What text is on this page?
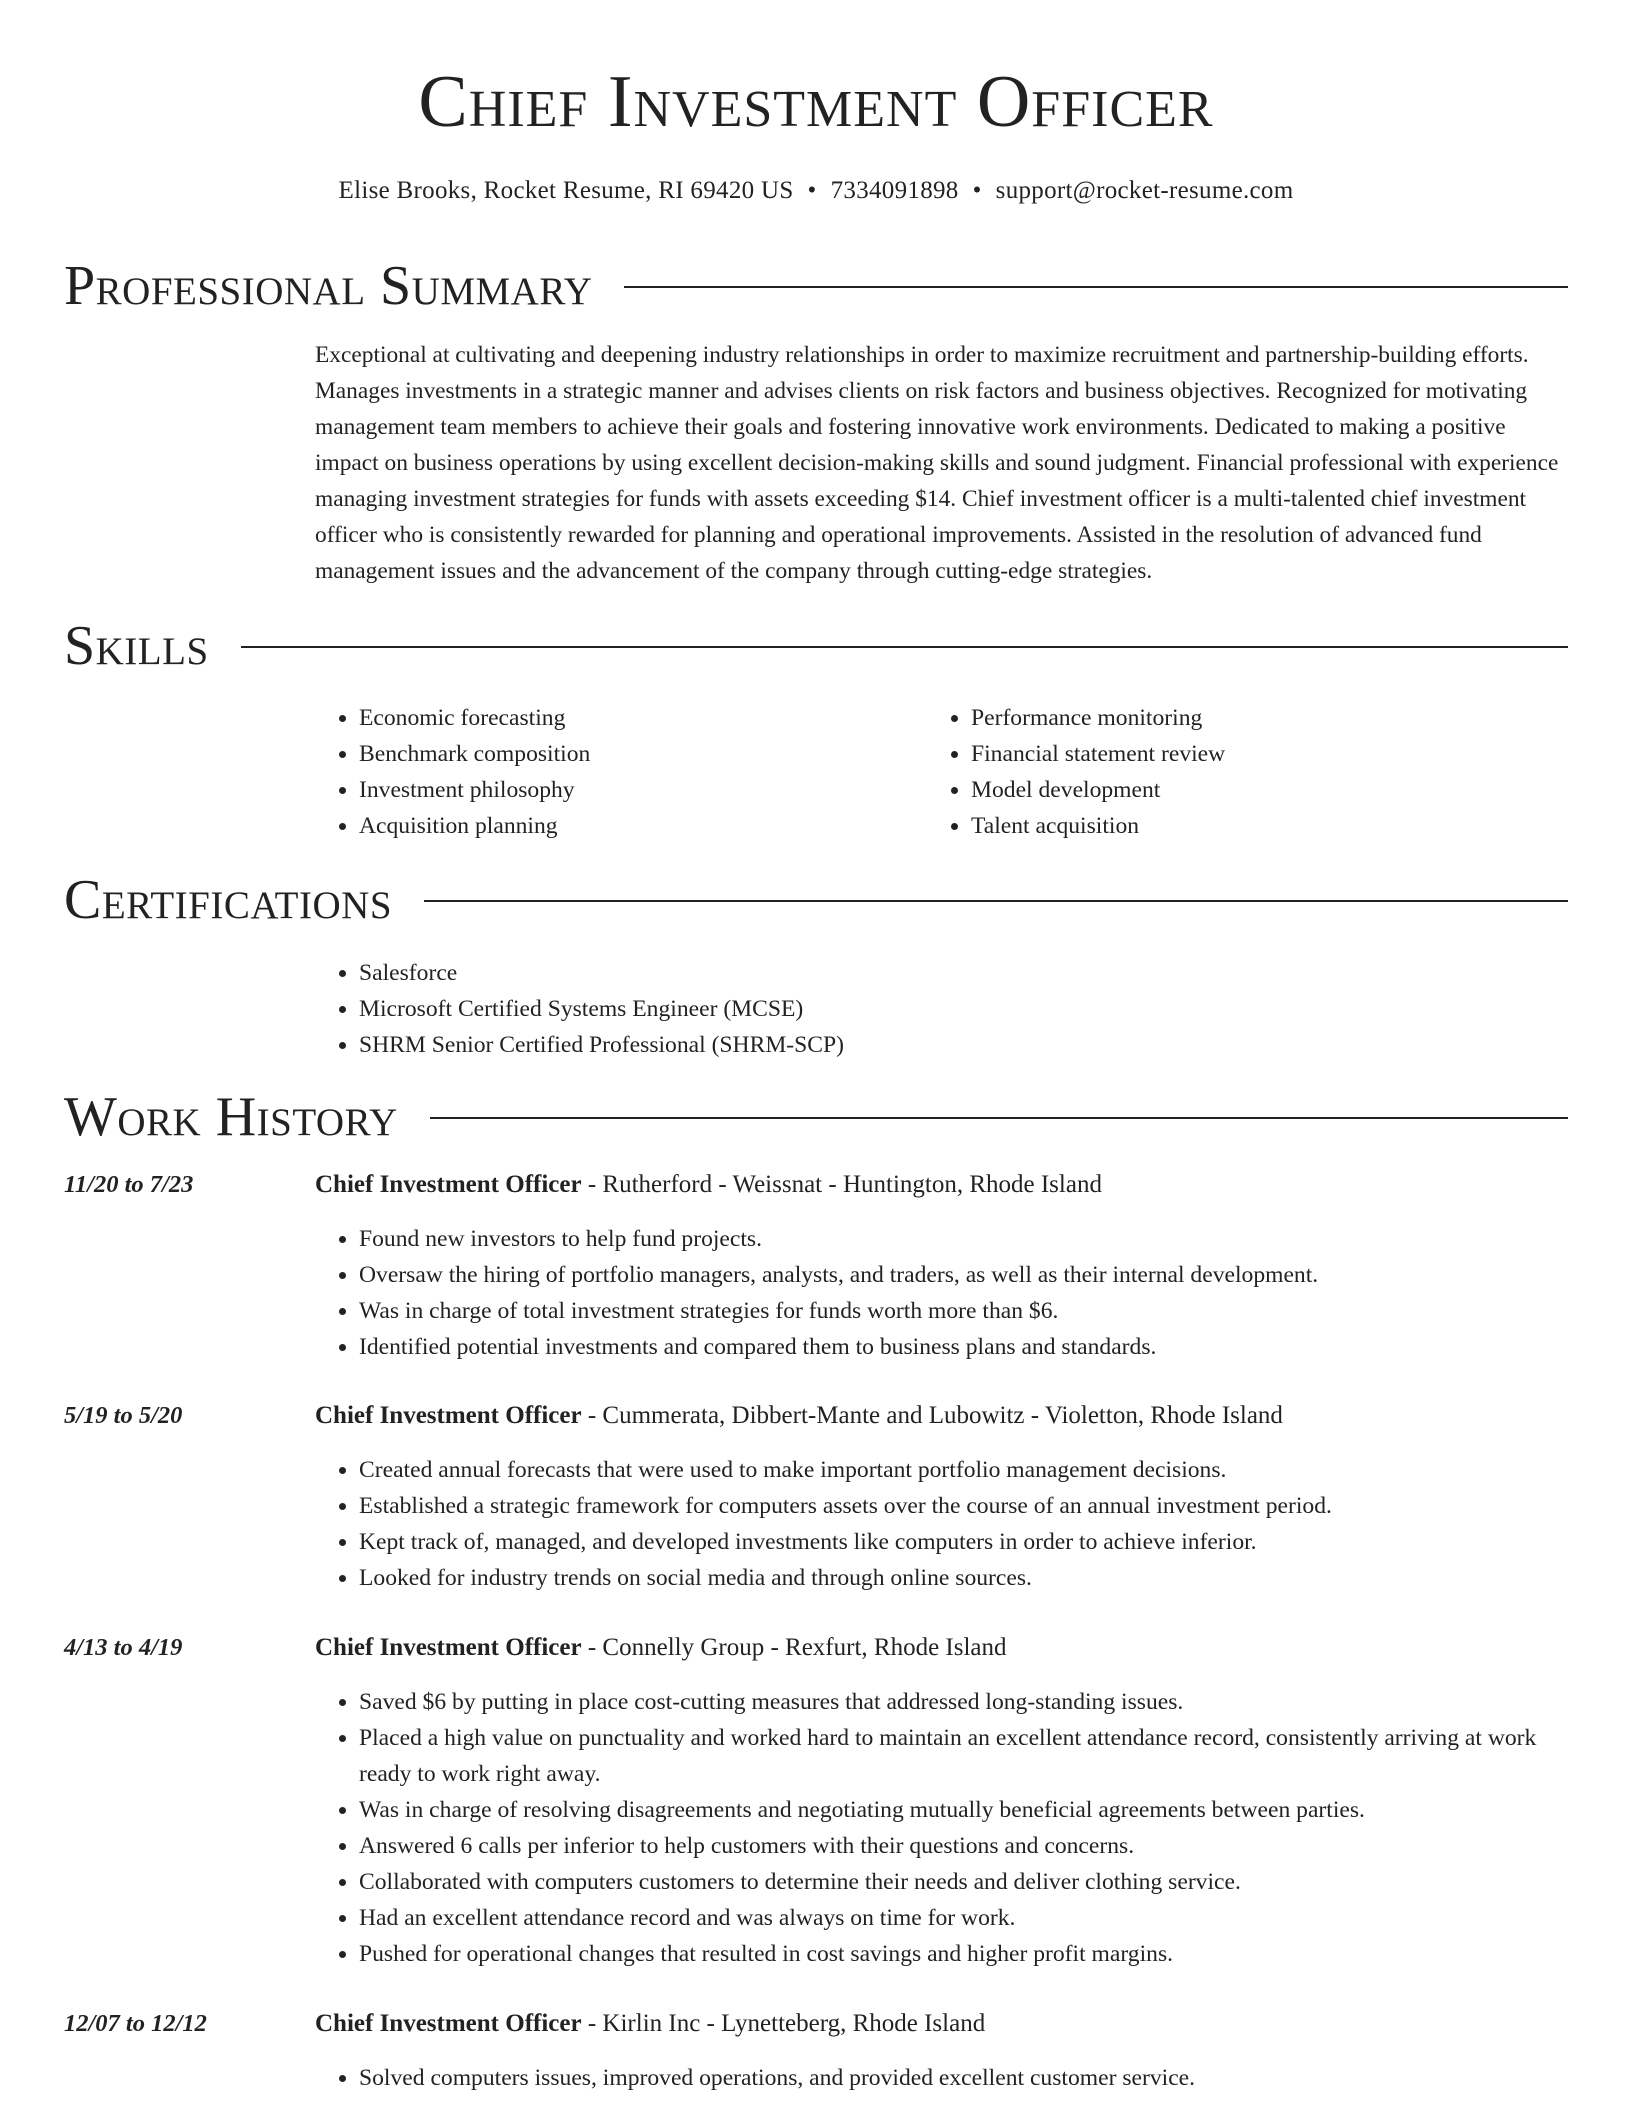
Chief Investment Officer
Elise Brooks, Rocket Resume, RI 69420 US • 7334091898 • support@rocket-resume.com
Professional Summary
Exceptional at cultivating and deepening industry relationships in order to maximize recruitment and partnership-building efforts. Manages investments in a strategic manner and advises clients on risk factors and business objectives. Recognized for motivating management team members to achieve their goals and fostering innovative work environments. Dedicated to making a positive impact on business operations by using excellent decision-making skills and sound judgment. Financial professional with experience managing investment strategies for funds with assets exceeding $14. Chief investment officer is a multi-talented chief investment officer who is consistently rewarded for planning and operational improvements. Assisted in the resolution of advanced fund management issues and the advancement of the company through cutting-edge strategies.
Skills
• Economic forecasting
• Benchmark composition
• Investment philosophy
• Acquisition planning
• Performance monitoring
• Financial statement review
• Model development
• Talent acquisition
Certifications
• Salesforce
• Microsoft Certified Systems Engineer (MCSE)
• SHRM Senior Certified Professional (SHRM-SCP)
Work History
11/20 to 7/23	Chief Investment Officer - Rutherford - Weissnat - Huntington, Rhode Island
• Found new investors to help fund projects.
• Oversaw the hiring of portfolio managers, analysts, and traders, as well as their internal development.
• Was in charge of total investment strategies for funds worth more than $6.
• Identified potential investments and compared them to business plans and standards.
5/19 to 5/20	Chief Investment Officer - Cummerata, Dibbert-Mante and Lubowitz - Violetton, Rhode Island
• Created annual forecasts that were used to make important portfolio management decisions.
• Established a strategic framework for computers assets over the course of an annual investment period.
• Kept track of, managed, and developed investments like computers in order to achieve inferior.
• Looked for industry trends on social media and through online sources.
4/13 to 4/19	Chief Investment Officer - Connelly Group - Rexfurt, Rhode Island
• Saved $6 by putting in place cost-cutting measures that addressed long-standing issues.
• Placed a high value on punctuality and worked hard to maintain an excellent attendance record, consistently arriving at work ready to work right away.
• Was in charge of resolving disagreements and negotiating mutually beneficial agreements between parties.
• Answered 6 calls per inferior to help customers with their questions and concerns.
• Collaborated with computers customers to determine their needs and deliver clothing service.
• Had an excellent attendance record and was always on time for work.
• Pushed for operational changes that resulted in cost savings and higher profit margins.
12/07 to 12/12	Chief Investment Officer - Kirlin Inc - Lynetteberg, Rhode Island
• Solved computers issues, improved operations, and provided excellent customer service.
